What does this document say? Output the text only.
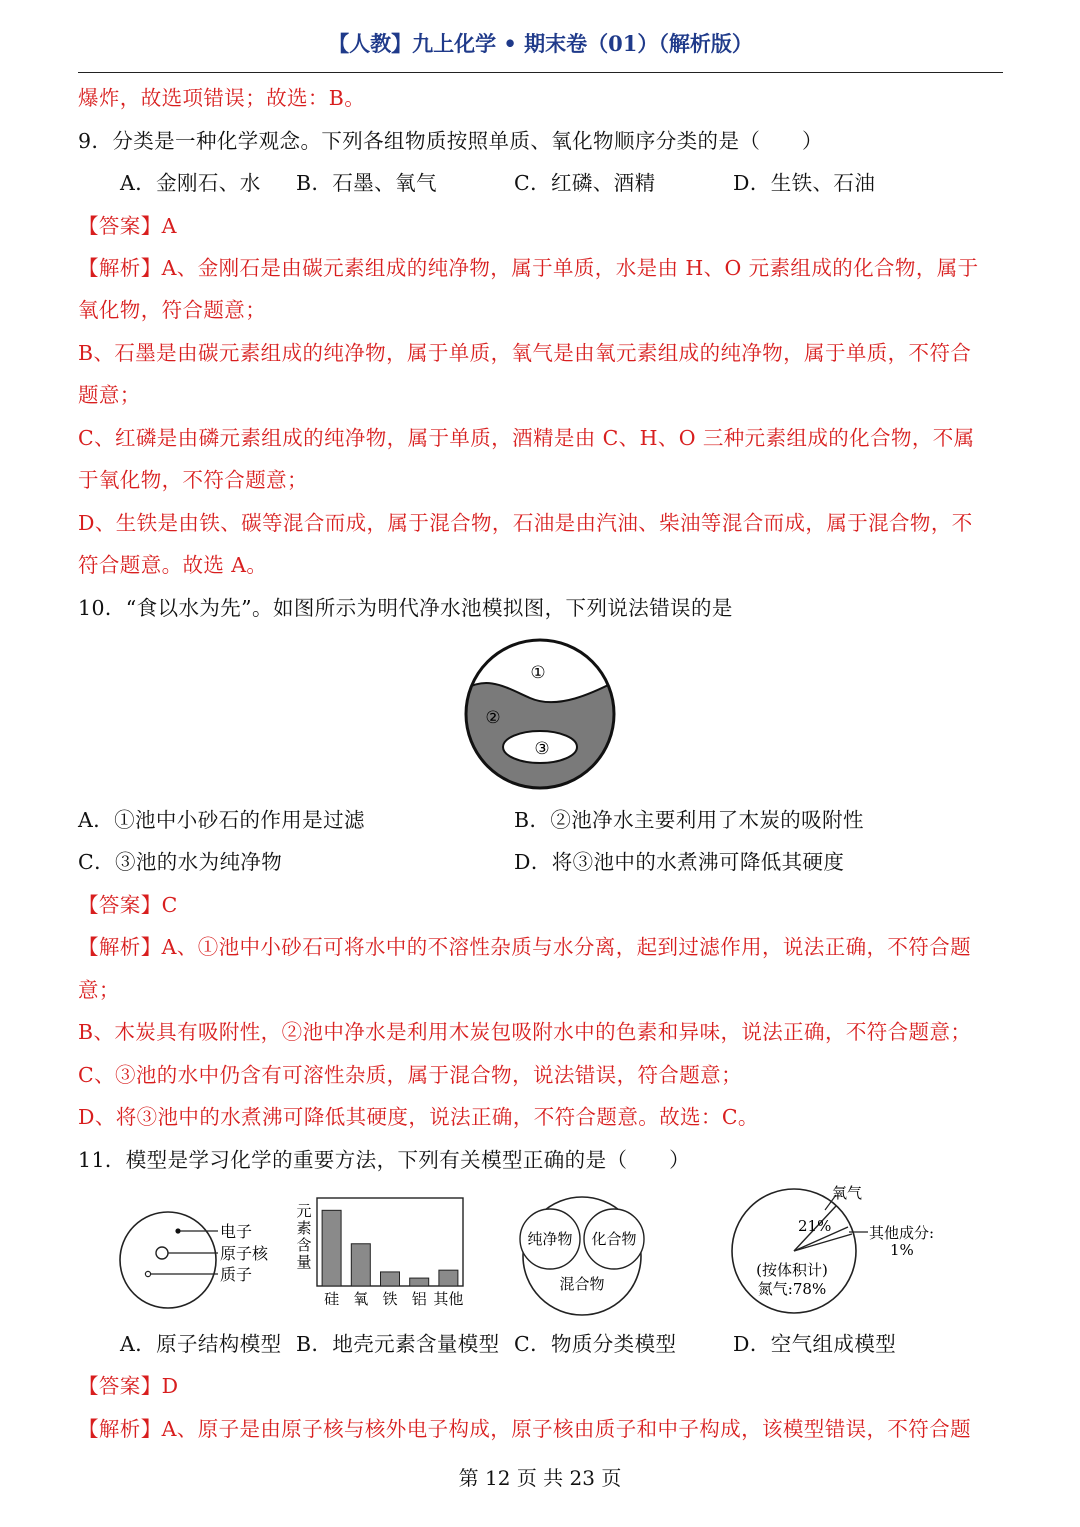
【人教】九上化学 • 期末卷（01）（解析版）
爆炸，故选项错误；故选：B。
9．分类是一种化学观念。下列各组物质按照单质、氧化物顺序分类的是（　　）
A．金刚石、水 B．石墨、氧气	C．红磷、酒精	D．生铁、石油
【答案】A
【解析】A、金刚石是由碳元素组成的纯净物，属于单质，水是由 H、O 元素组成的化合物，属于
氧化物，符合题意；
B、石墨是由碳元素组成的纯净物，属于单质，氧气是由氧元素组成的纯净物，属于单质，不符合
题意；
C、红磷是由磷元素组成的纯净物，属于单质，酒精是由 C、H、O 三种元素组成的化合物，不属
于氧化物，不符合题意；
D、生铁是由铁、碳等混合而成，属于混合物，石油是由汽油、柴油等混合而成，属于混合物，不
符合题意。故选 A。
10．“食以水为先”。如图所示为明代净水池模拟图，下列说法错误的是
①
②
③
A．①池中小砂石的作用是过滤	B．②池净水主要利用了木炭的吸附性
C．③池的水为纯净物	D．将③池中的水煮沸可降低其硬度
【答案】C
【解析】A、①池中小砂石可将水中的不溶性杂质与水分离，起到过滤作用，说法正确，不符合题
意；
B、木炭具有吸附性，②池中净水是利用木炭包吸附水中的色素和异味，说法正确，不符合题意；
C、③池的水中仍含有可溶性杂质，属于混合物，说法错误，符合题意；
D、将③池中的水煮沸可降低其硬度，说法正确，不符合题意。故选：C。
11．模型是学习化学的重要方法，下列有关模型正确的是（　　）
电子
原子核
质子
元
素
含
量
硅 氧 铁 铝 其他
纯净物 化合物
混合物
氧气
21%	其他成分:
1%
(按体积计)
氮气:78%
A．原子结构模型 B．地壳元素含量模型 C．物质分类模型	D．空气组成模型
【答案】D
【解析】A、原子是由原子核与核外电子构成，原子核由质子和中子构成，该模型错误，不符合题
第 12 页 共 23 页
